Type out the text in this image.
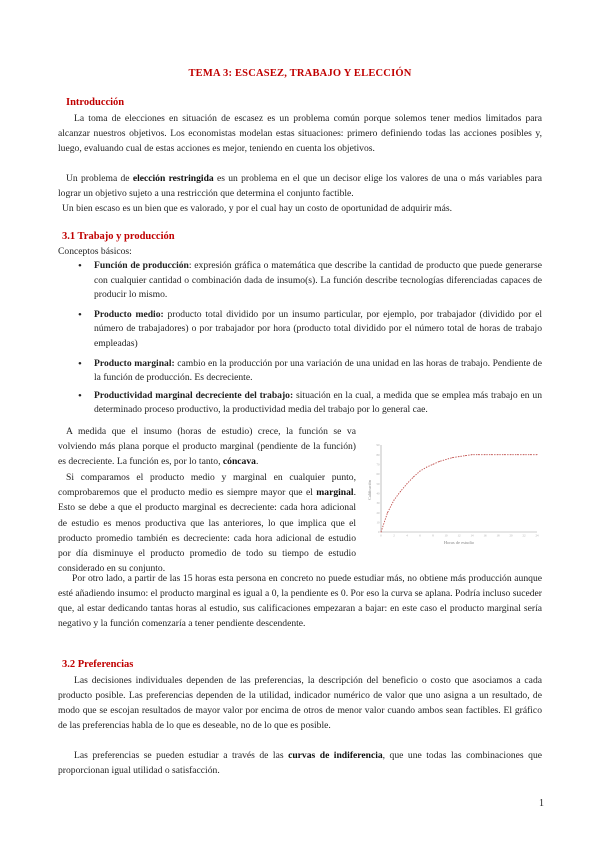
TEMA 3: ESCASEZ, TRABAJO Y ELECCIÓN
Introducción
La toma de elecciones en situación de escasez es un problema común porque solemos tener medios limitados para alcanzar nuestros objetivos. Los economistas modelan estas situaciones: primero definiendo todas las acciones posibles y, luego, evaluando cual de estas acciones es mejor, teniendo en cuenta los objetivos.
Un problema de elección restringida es un problema en el que un decisor elige los valores de una o más variables para lograr un objetivo sujeto a una restricción que determina el conjunto factible.
Un bien escaso es un bien que es valorado, y por el cual hay un costo de oportunidad de adquirir más.
3.1 Trabajo y producción
Conceptos básicos:
• Función de producción: expresión gráfica o matemática que describe la cantidad de producto que puede generarse con cualquier cantidad o combinación dada de insumo(s). La función describe tecnologías diferenciadas capaces de producir lo mismo.
• Producto medio: producto total dividido por un insumo particular, por ejemplo, por trabajador (dividido por el número de trabajadores) o por trabajador por hora (producto total dividido por el número total de horas de trabajo empleadas)
• Producto marginal: cambio en la producción por una variación de una unidad en las horas de trabajo. Pendiente de la función de producción. Es decreciente.
• Productividad marginal decreciente del trabajo: situación en la cual, a medida que se emplea más trabajo en un determinado proceso productivo, la productividad media del trabajo por lo general cae.
A medida que el insumo (horas de estudio) crece, la función se va volviendo más plana porque el producto marginal (pendiente de la función) es decreciente. La función es, por lo tanto, cóncava.
Si comparamos el producto medio y marginal en cualquier punto, comprobaremos que el producto medio es siempre mayor que el marginal. Esto se debe a que el producto marginal es decreciente: cada hora adicional de estudio es menos productiva que las anteriores, lo que implica que el producto promedio también es decreciente: cada hora adicional de estudio por día disminuye el producto promedio de todo su tiempo de estudio considerado en su conjunto.
0
10
20
30
40
50
60
70
80
90
0	2	4	6	8	10	12	14	16	18	20	22	24
Calificación
Horas de estudio
Por otro lado, a partir de las 15 horas esta persona en concreto no puede estudiar más, no obtiene más producción aunque esté añadiendo insumo: el producto marginal es igual a 0, la pendiente es 0. Por eso la curva se aplana. Podría incluso suceder que, al estar dedicando tantas horas al estudio, sus calificaciones empezaran a bajar: en este caso el producto marginal sería negativo y la función comenzaría a tener pendiente descendente.
3.2 Preferencias
Las decisiones individuales dependen de las preferencias, la descripción del beneficio o costo que asociamos a cada producto posible. Las preferencias dependen de la utilidad, indicador numérico de valor que uno asigna a un resultado, de modo que se escojan resultados de mayor valor por encima de otros de menor valor cuando ambos sean factibles. El gráfico de las preferencias habla de lo que es deseable, no de lo que es posible.
Las preferencias se pueden estudiar a través de las curvas de indiferencia, que une todas las combinaciones que proporcionan igual utilidad o satisfacción.
1
